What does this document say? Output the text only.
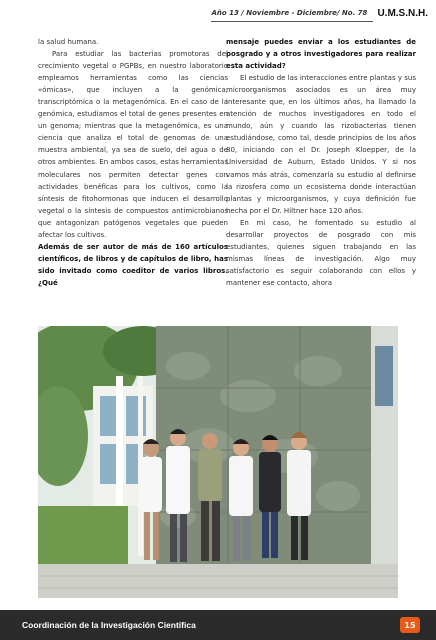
Año 13 / Noviembre - Diciembre/ No. 78	U.M.S.N.H.

la salud humana.

Para estudiar las bacterias promotoras del crecimiento vegetal o PGPBs, en nuestro laboratorio empleamos herramientas como las ciencias «ómicas», que incluyen a la genómica, transcriptómica o la metagenómica. En el caso de la genómica, estudiamos el total de genes presentes en un genoma; mientras que la metagenómica, es una ciencia que analiza el total de genomas de una muestra ambiental, ya sea de suelo, del agua o de otros ambientes. En ambos casos, estas herramientas moleculares nos permiten detectar genes con actividades benéficas para los cultivos, como la síntesis de fitohormonas que inducen el desarrollo vegetal o la síntesis de compuestos antimicrobianos que antagonizan patógenos vegetales que pueden afectar los cultivos.

Además de ser autor de más de 160 artículos científicos, de libros y de capítulos de libro, has sido invitado como coeditor de varios libros. ¿Qué

mensaje puedes enviar a los estudiantes de posgrado y a otros investigadores para realizar esta actividad?

El estudio de las interacciones entre plantas y sus microorganismos asociados es un área muy interesante que, en los últimos años, ha llamado la atención de muchos investigadores en todo el mundo, aún y cuando las rizobacterias tienen estudiándose, como tal, desde principios de los años 80, iniciando con el Dr. Joseph Kloepper, de la Universidad de Auburn, Estado Unidos. Y si nos vamos más atrás, comenzaría su estudio al definirse la rizosfera como un ecosistema donde interactúan plantas y microorganismos, y cuya definición fue hecha por el Dr. Hiltner hace 120 años.

En mi caso, he fomentado su estudio al desarrollar proyectos de posgrado con mis estudiantes, quienes siguen trabajando en las mismas líneas de investigación. Algo muy satisfactorio es seguir colaborando con ellos y mantener ese contacto, ahora

Coordinación de la Investigación Científica	15
